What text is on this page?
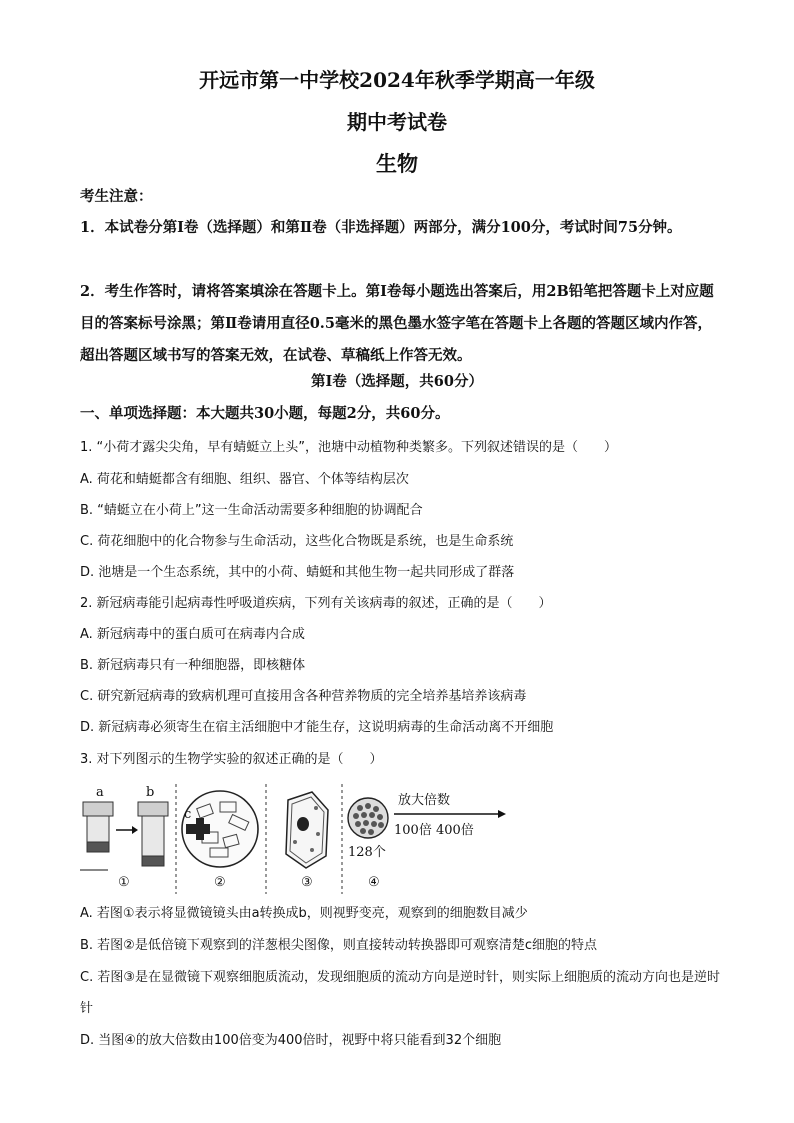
开远市第一中学校2024年秋季学期高一年级
期中考试卷
生物
考生注意：
1．本试卷分第Ⅰ卷（选择题）和第Ⅱ卷（非选择题）两部分，满分100分，考试时间75分钟。
2．考生作答时，请将答案填涂在答题卡上。第Ⅰ卷每小题选出答案后，用2B铅笔把答题卡上对应题目的答案标号涂黑；第Ⅱ卷请用直径0.5毫米的黑色墨水签字笔在答题卡上各题的答题区域内作答，超出答题区域书写的答案无效，在试卷、草稿纸上作答无效。
第Ⅰ卷（选择题，共60分）
一、单项选择题：本大题共30小题，每题2分，共60分。
1. “小荷才露尖尖角，早有蜻蜓立上头”，池塘中动植物种类繁多。下列叙述错误的是（　　）
A. 荷花和蜻蜓都含有细胞、组织、器官、个体等结构层次
B. “蜻蜓立在小荷上”这一生命活动需要多种细胞的协调配合
C. 荷花细胞中的化合物参与生命活动，这些化合物既是系统，也是生命系统
D. 池塘是一个生态系统，其中的小荷、蜻蜓和其他生物一起共同形成了群落
2. 新冠病毒能引起病毒性呼吸道疾病，下列有关该病毒的叙述，正确的是（　　）
A. 新冠病毒中的蛋白质可在病毒内合成
B. 新冠病毒只有一种细胞器，即核糖体
C. 研究新冠病毒的致病机理可直接用含各种营养物质的完全培养基培养该病毒
D. 新冠病毒必须寄生在宿主活细胞中才能生存，这说明病毒的生命活动离不开细胞
3. 对下列图示的生物学实验的叙述正确的是（　　）
a	b
①
c
②	③
128个
放大倍数
100倍 400倍
④
A. 若图①表示将显微镜镜头由a转换成b，则视野变亮，观察到的细胞数目减少
B. 若图②是低倍镜下观察到的洋葱根尖图像，则直接转动转换器即可观察清楚c细胞的特点
C. 若图③是在显微镜下观察细胞质流动，发现细胞质的流动方向是逆时针，则实际上细胞质的流动方向也是逆时针
D. 当图④的放大倍数由100倍变为400倍时，视野中将只能看到32个细胞
